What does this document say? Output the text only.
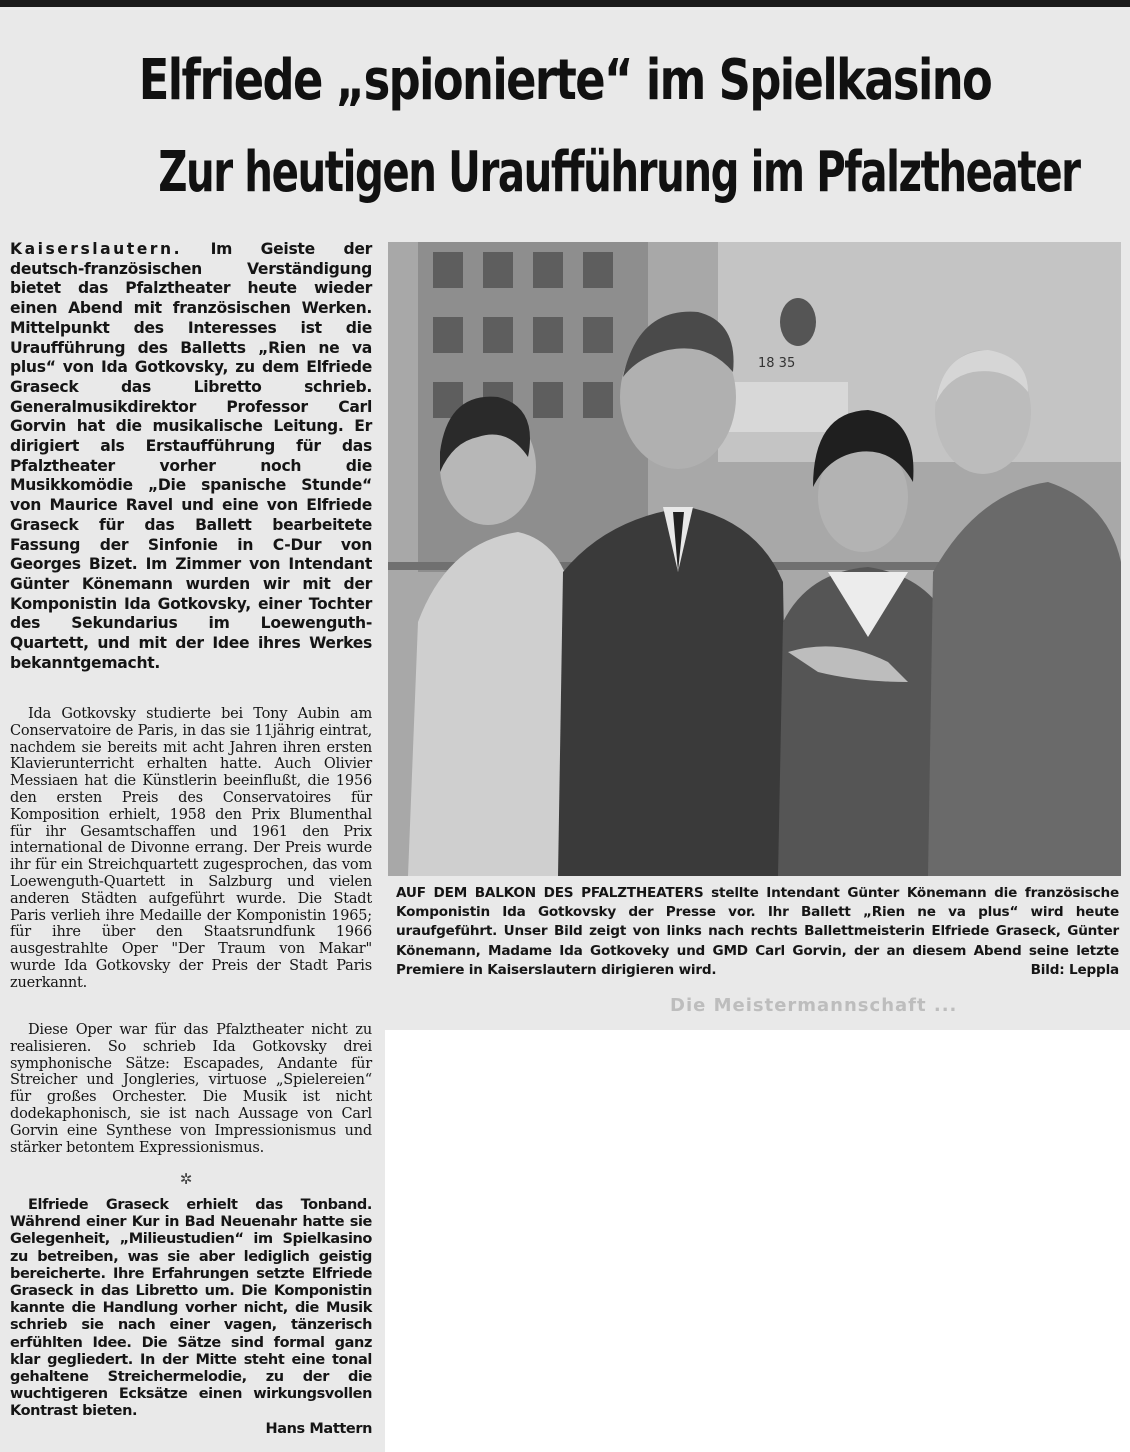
Elfriede „spionierte“ im Spielkasino
Zur heutigen Uraufführung im Pfalztheater
Kaiserslautern. Im Geiste der deutsch-französischen Verständigung bietet das Pfalztheater heute wieder einen Abend mit französischen Werken. Mittelpunkt des Interesses ist die Uraufführung des Balletts „Rien ne va plus“ von Ida Gotkovsky, zu dem Elfriede Graseck das Libretto schrieb. Generalmusikdirektor Professor Carl Gorvin hat die musikalische Leitung. Er dirigiert als Erstaufführung für das Pfalztheater vorher noch die Musikkomödie „Die spanische Stunde“ von Maurice Ravel und eine von Elfriede Graseck für das Ballett bearbeitete Fassung der Sinfonie in C-Dur von Georges Bizet. Im Zimmer von Intendant Günter Könemann wurden wir mit der Komponistin Ida Gotkovsky, einer Tochter des Sekundarius im Loewenguth-Quartett, und mit der Idee ihres Werkes bekanntgemacht.
Ida Gotkovsky studierte bei Tony Aubin am Conservatoire de Paris, in das sie 11jährig eintrat, nachdem sie bereits mit acht Jahren ihren ersten Klavierunterricht erhalten hatte. Auch Olivier Messiaen hat die Künstlerin beeinflußt, die 1956 den ersten Preis des Conservatoires für Komposition erhielt, 1958 den Prix Blumenthal für ihr Gesamtschaffen und 1961 den Prix international de Divonne errang. Der Preis wurde ihr für ein Streichquartett zugesprochen, das vom Loewenguth-Quartett in Salzburg und vielen anderen Städten aufgeführt wurde. Die Stadt Paris verlieh ihre Medaille der Komponistin 1965; für ihre über den Staatsrundfunk 1966 ausgestrahlte Oper "Der Traum von Makar" wurde Ida Gotkovsky der Preis der Stadt Paris zuerkannt.
Diese Oper war für das Pfalztheater nicht zu realisieren. So schrieb Ida Gotkovsky drei symphonische Sätze: Escapades, Andante für Streicher und Jongleries, virtuose „Spielereien“ für großes Orchester. Die Musik ist nicht dodekaphonisch, sie ist nach Aussage von Carl Gorvin eine Synthese von Impressionismus und stärker betontem Expressionismus.
✲
Elfriede Graseck erhielt das Tonband. Während einer Kur in Bad Neuenahr hatte sie Gelegenheit, „Milieustudien“ im Spielkasino zu betreiben, was sie aber lediglich geistig bereicherte. Ihre Erfahrungen setzte Elfriede Graseck in das Libretto um. Die Komponistin kannte die Handlung vorher nicht, die Musik schrieb sie nach einer vagen, tänzerisch erfühlten Idee. Die Sätze sind formal ganz klar gegliedert. In der Mitte steht eine tonal gehaltene Streichermelodie, zu der die wuchtigeren Ecksätze einen wirkungsvollen Kontrast bieten.
Hans Mattern
18 35
AUF DEM BALKON DES PFALZTHEATERS stellte Intendant Günter Könemann die französische Komponistin Ida Gotkovsky der Presse vor. Ihr Ballett „Rien ne va plus“ wird heute uraufgeführt. Unser Bild zeigt von links nach rechts Ballettmeisterin Elfriede Graseck, Günter Könemann, Madame Ida Gotkoveky und GMD Carl Gorvin, der an diesem Abend seine letzte Premiere in Kaiserslautern dirigieren wird.	Bild: Leppla
Die Meistermannschaft ...
